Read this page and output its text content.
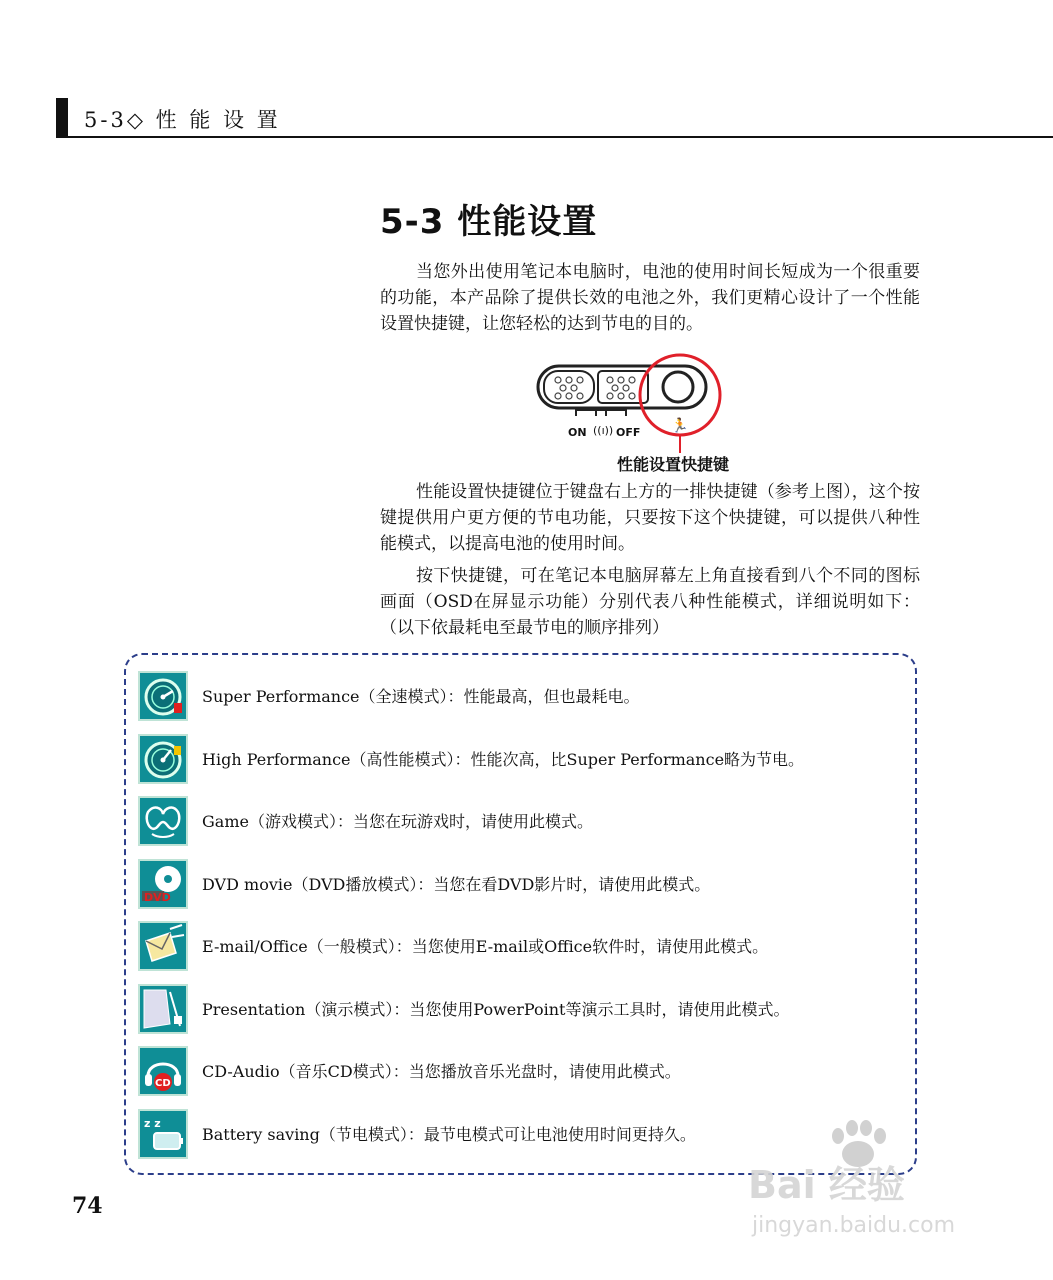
5-3◇ 性 能 设 置
5-3 性能设置
当您外出使用笔记本电脑时，电池的使用时间长短成为一个很重要的功能，本产品除了提供长效的电池之外，我们更精心设计了一个性能设置快捷键，让您轻松的达到节电的目的。
ON ((ı)) OFF 🏃
性能设置快捷键
性能设置快捷键位于键盘右上方的一排快捷键（参考上图），这个按键提供用户更方便的节电功能，只要按下这个快捷键，可以提供八种性能模式，以提高电池的使用时间。
按下快捷键，可在笔记本电脑屏幕左上角直接看到八个不同的图标画面（OSD在屏显示功能）分别代表八种性能模式，详细说明如下：（以下依最耗电至最节电的顺序排列）
Super Performance（全速模式）：性能最高，但也最耗电。
High Performance（高性能模式）：性能次高，比Super Performance略为节电。
Game（游戏模式）：当您在玩游戏时，请使用此模式。
DVD
DVD movie（DVD播放模式）：当您在看DVD影片时，请使用此模式。
E-mail/Office（一般模式）：当您使用E-mail或Office软件时，请使用此模式。
Presentation（演示模式）：当您使用PowerPoint等演示工具时，请使用此模式。
CD
CD-Audio（音乐CD模式）：当您播放音乐光盘时，请使用此模式。
z z
Battery saving（节电模式）：最节电模式可让电池使用时间更持久。
74	Bai 经验
jingyan.baidu.com
